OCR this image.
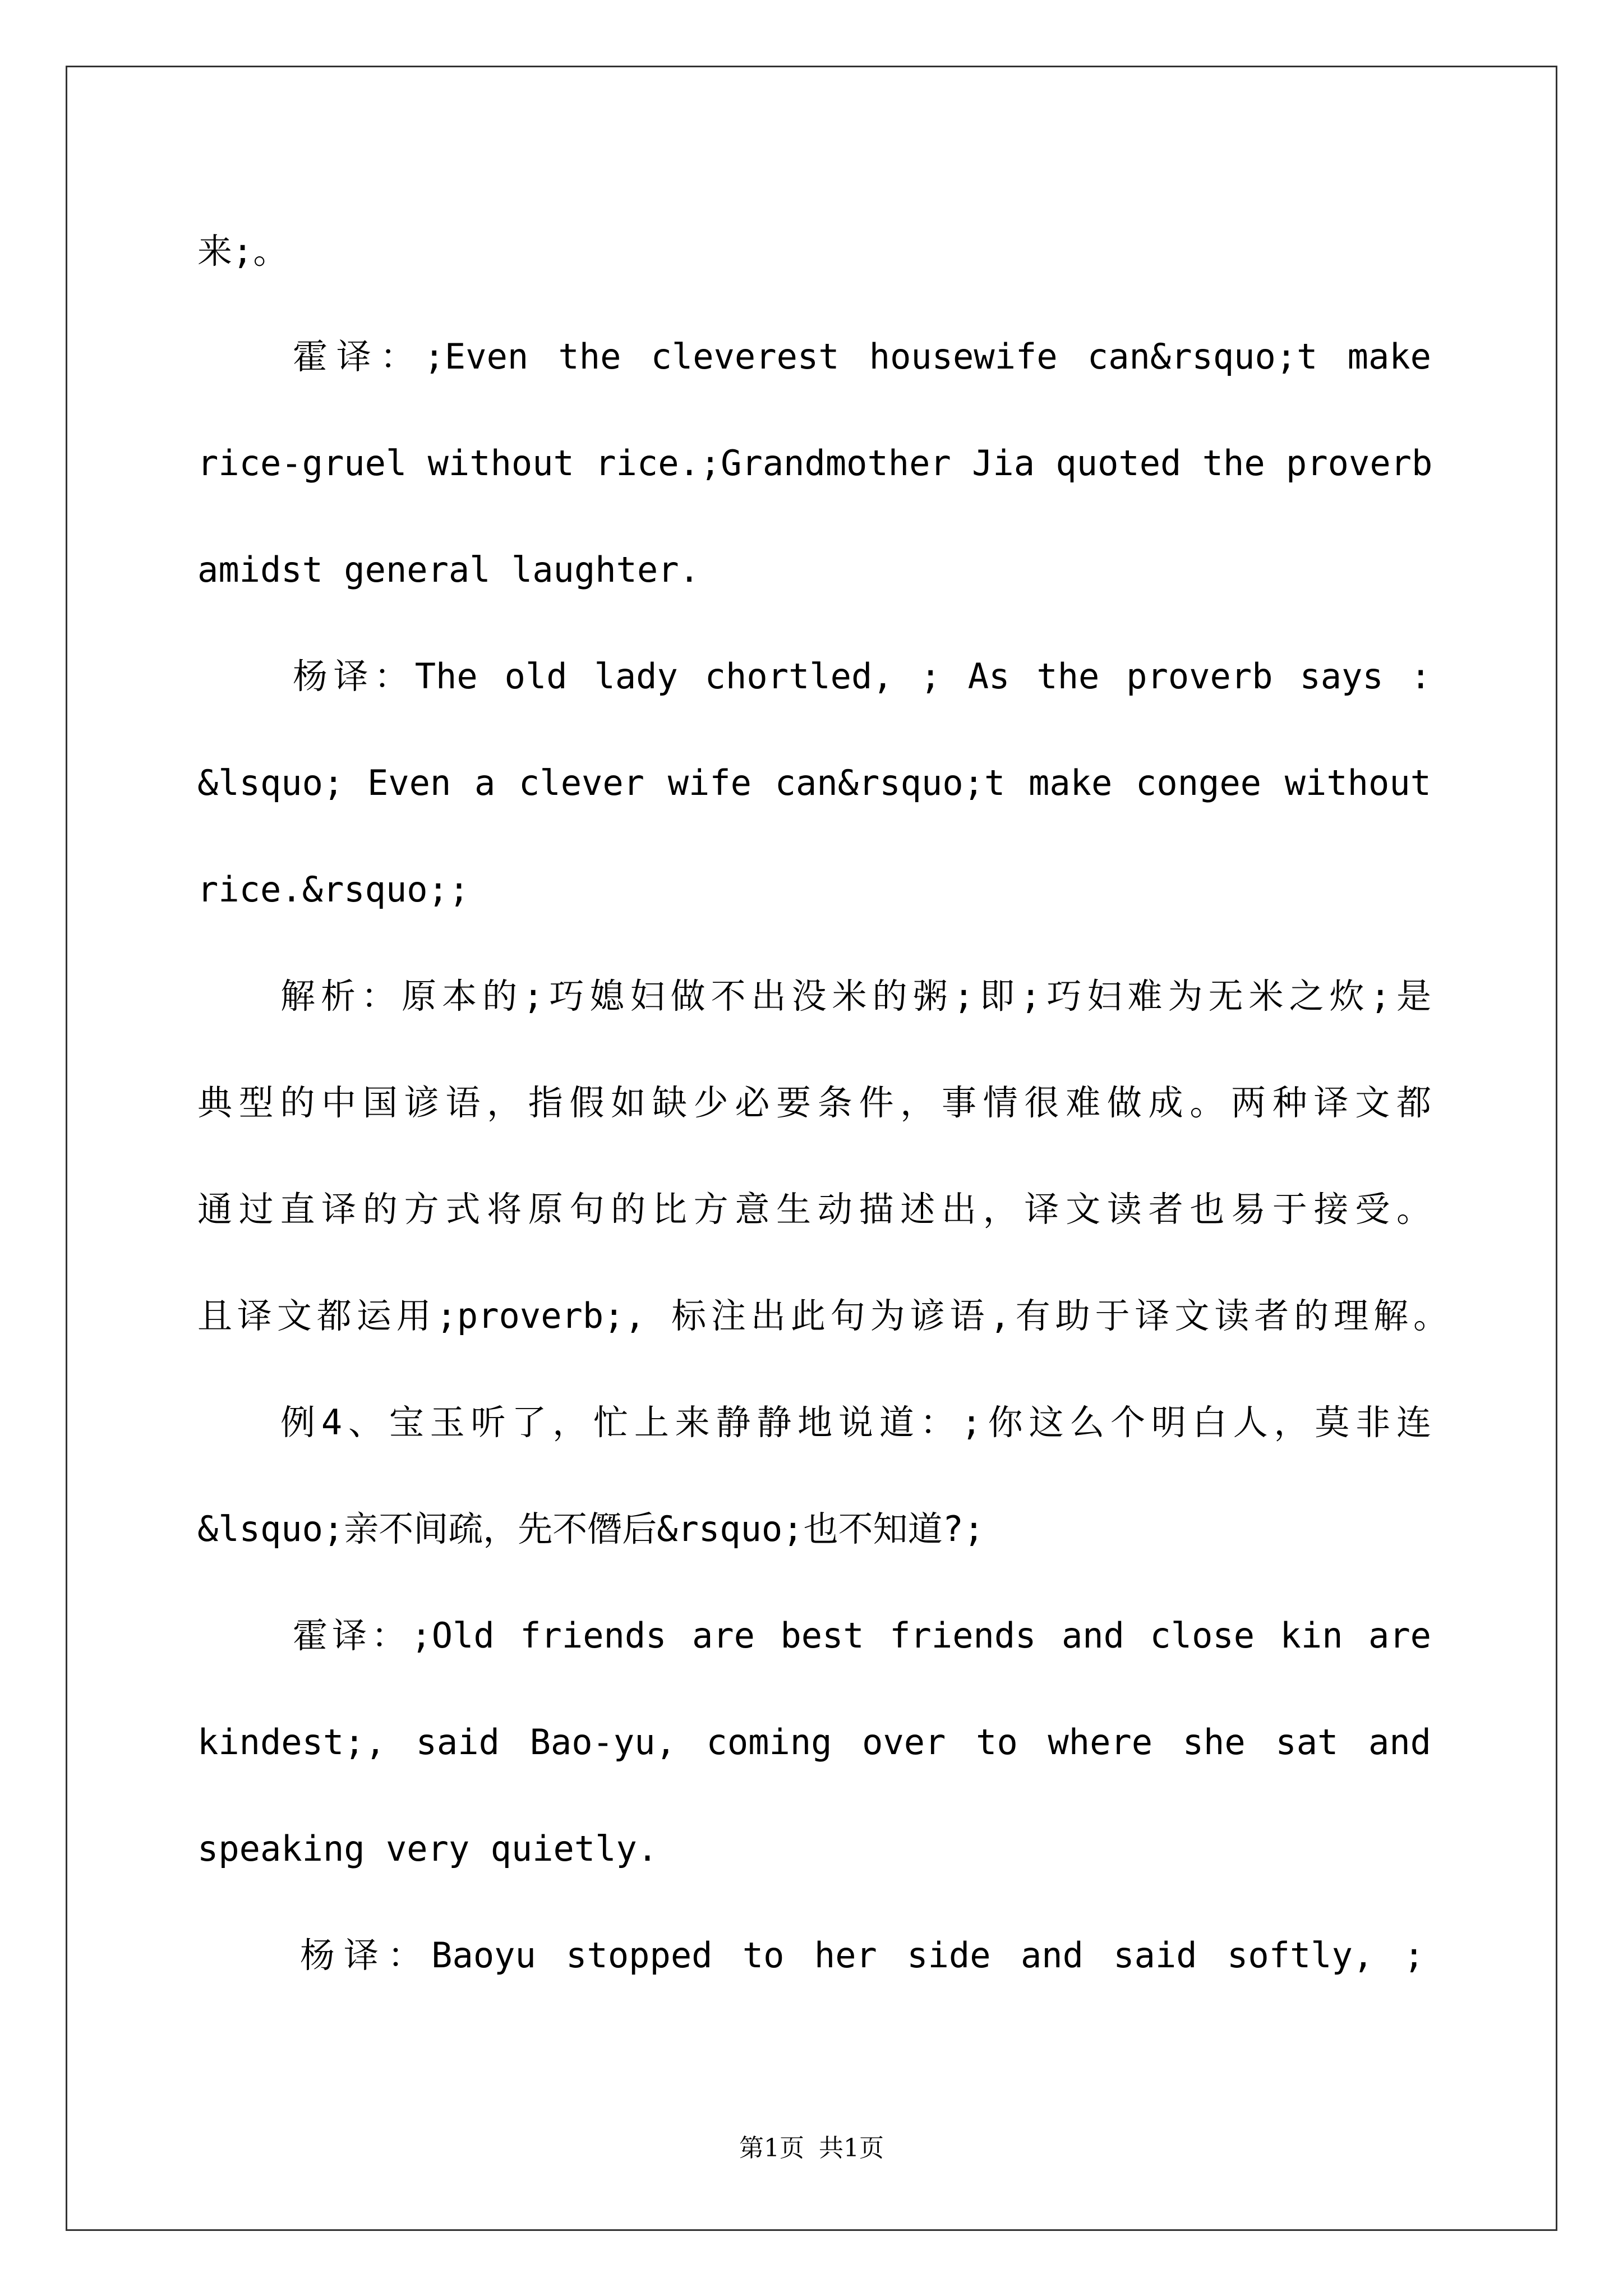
来;。
霍译：;Even the cleverest housewife can&rsquo;t make
rice-gruel without rice.;Grandmother Jia quoted the proverb
amidst general laughter.
杨译：The old lady chortled, ; As the proverb says :
&lsquo; Even a clever wife can&rsquo;t make congee without
rice.&rsquo;;
解析：原本的;巧媳妇做不出没米的粥;即;巧妇难为无米之炊;是
典型的中国谚语，指假如缺少必要条件，事情很难做成。两种译文都
通过直译的方式将原句的比方意生动描述出，译文读者也易于接受。
且译文都运用;proverb;, 标注出此句为谚语,有助于译文读者的理解。
例4、宝玉听了，忙上来静静地说道：;你这么个明白人，莫非连
&lsquo;亲不间疏，先不僭后&rsquo;也不知道?;
霍译：;Old friends are best friends and close kin are
kindest;, said Bao-yu, coming over to where she sat and
speaking very quietly.
杨译：Baoyu stopped to her side and said softly, ;
第1页 共1页
